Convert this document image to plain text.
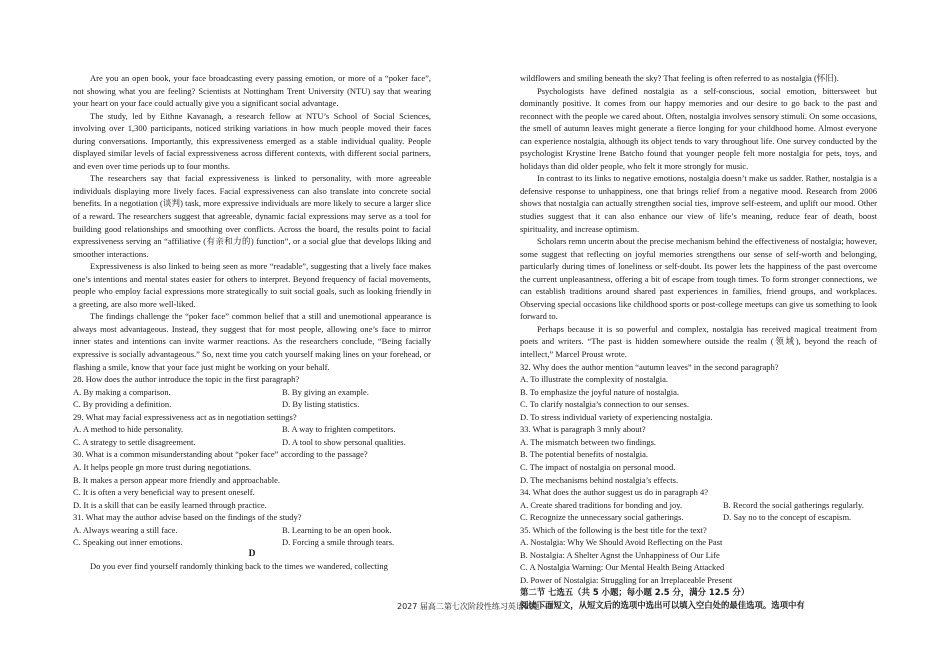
Are you an open book, your face broadcasting every passing emotion, or more of a “poker face”, not showing what you are feeling? Scientists at Nottingham Trent University (NTU) say that wearing your heart on your face could actually give you a significant social advantage.

The study, led by Eithne Kavanagh, a research fellow at NTU’s School of Social Sciences, involving over 1,300 participants, noticed striking variations in how much people moved their faces during conversations. Importantly, this expressiveness emerged as a stable individual quality. People displayed similar levels of facial expressiveness across different contexts, with different social partners, and even over time periods up to four months.

The researchers say that facial expressiveness is linked to personality, with more agreeable individuals displaying more lively faces. Facial expressiveness can also translate into concrete social benefits. In a negotiation (谈判) task, more expressive individuals are more likely to secure a larger slice of a reward. The researchers suggest that agreeable, dynamic facial expressions may serve as a tool for building good relationships and smoothing over conflicts. Across the board, the results point to facial expressiveness serving an “affiliative (有亲和力的) function”, or a social glue that develops liking and smoother interactions.

Expressiveness is also linked to being seen as more “readable”, suggesting that a lively face makes one’s intentions and mental states easier for others to interpret. Beyond frequency of facial movements, people who employ facial expressions more strategically to suit social goals, such as looking friendly in a greeting, are also more well-liked.

The findings challenge the “poker face” common belief that a still and unemotional appearance is always most advantageous. Instead, they suggest that for most people, allowing one’s face to mirror inner states and intentions can invite warmer reactions. As the researchers conclude, “Being facially expressive is socially advantageous.” So, next time you catch yourself making lines on your forehead, or flashing a smile, know that your face just might be working on your behalf.

28. How does the author introduce the topic in the first paragraph?

A. By making a comparison.	B. By giving an example.
C. By providing a definition.	D. By listing statistics.

29. What may facial expressiveness act as in negotiation settings?

A. A method to hide personality.	B. A way to frighten competitors.
C. A strategy to settle disagreement.	D. A tool to show personal qualities.

30. What is a common misunderstanding about “poker face” according to the passage?

A. It helps people gn more trust during negotiations.

B. It makes a person appear more friendly and approachable.

C. It is often a very beneficial way to present oneself.

D. It is a skill that can be easily learned through practice.

31. What may the author advise based on the findings of the study?

A. Always wearing a still face.	B. Learning to be an open book.
C. Speaking out inner emotions.	D. Forcing a smile through tears.

D

Do you ever find yourself randomly thinking back to the times we wandered, collecting

wildflowers and smiling beneath the sky? That feeling is often referred to as nostalgia (怀旧).

Psychologists have defined nostalgia as a self-conscious, social emotion, bittersweet but dominantly positive. It comes from our happy memories and our desire to go back to the past and reconnect with the people we cared about. Often, nostalgia involves sensory stimuli. On some occasions, the smell of autumn leaves might generate a fierce longing for your childhood home. Almost everyone can experience nostalgia, although its object tends to vary throughout life. One survey conducted by the psychologist Krystine Irene Batcho found that younger people felt more nostalgia for pets, toys, and holidays than did older people, who felt it more strongly for music.

In contrast to its links to negative emotions, nostalgia doesn’t make us sadder. Rather, nostalgia is a defensive response to unhappiness, one that brings relief from a negative mood. Research from 2006 shows that nostalgia can actually strengthen social ties, improve self-esteem, and uplift our mood. Other studies suggest that it can also enhance our view of life’s meaning, reduce fear of death, boost spirituality, and increase optimism.

Scholars remn uncertn about the precise mechanism behind the effectiveness of nostalgia; however, some suggest that reflecting on joyful memories strengthens our sense of self-worth and belonging, particularly during times of loneliness or self-doubt. Its power lets the happiness of the past overcome the current unpleasantness, offering a bit of escape from tough times. To form stronger connections, we can establish traditions around shared past experiences in families, friend groups, and workplaces. Observing special occasions like childhood sports or post-college meetups can give us something to look forward to.

Perhaps because it is so powerful and complex, nostalgia has received magical treatment from poets and writers. “The past is hidden somewhere outside the realm (领域), beyond the reach of intellect,” Marcel Proust wrote.

32. Why does the author mention “autumn leaves” in the second paragraph?

A. To illustrate the complexity of nostalgia.

B. To emphasize the joyful nature of nostalgia.

C. To clarify nostalgia’s connection to our senses.

D. To stress individual variety of experiencing nostalgia.

33. What is paragraph 3 mnly about?

A. The mismatch between two findings.

B. The potential benefits of nostalgia.

C. The impact of nostalgia on personal mood.

D. The mechanisms behind nostalgia’s effects.

34. What does the author suggest us do in paragraph 4?

A. Create shared traditions for bonding and joy.	B. Record the social gatherings regularly.
C. Recognize the unnecessary social gatherings.	D. Say no to the concept of escapism.

35. Which of the following is the best title for the text?

A. Nostalgia: Why We Should Avoid Reflecting on the Past

B. Nostalgia: A Shelter Agnst the Unhappiness of Our Life

C. A Nostalgia Warning: Our Mental Health Being Attacked

D. Power of Nostalgia: Struggling for an Irreplaceable Present

第二节 七选五（共 5 小题；每小题 2.5 分，满分 12.5 分）

阅读下面短文，从短文后的选项中选出可以填入空白处的最佳选项。选项中有

2027 届高二第七次阶段性练习英语试题—3
